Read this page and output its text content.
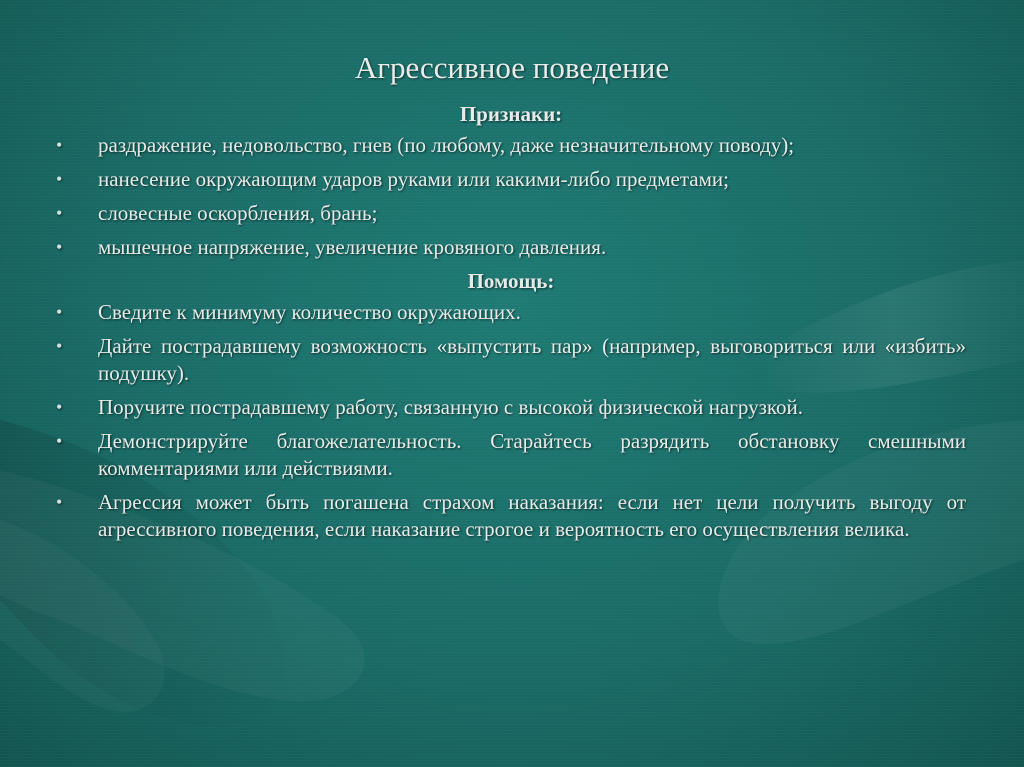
Агрессивное поведение
Признаки:
•	раздражение, недовольство, гнев (по любому, даже незначительному поводу);
•	нанесение окружающим ударов руками или какими-либо предметами;
•	словесные оскорбления, брань;
•	мышечное напряжение, увеличение кровяного давления.
Помощь:
•	Сведите к минимуму количество окружающих.
•	Дайте пострадавшему возможность «выпустить пар» (например, выговориться или «избить» подушку).
•	Поручите пострадавшему работу, связанную с высокой физической нагрузкой.
•	Демонстрируйте благожелательность. Старайтесь разрядить обстановку смешными комментариями или действиями.
•	Агрессия может быть погашена страхом наказания: если нет цели получить выгоду от агрессивного поведения, если наказание строгое и вероятность его осуществления велика.
